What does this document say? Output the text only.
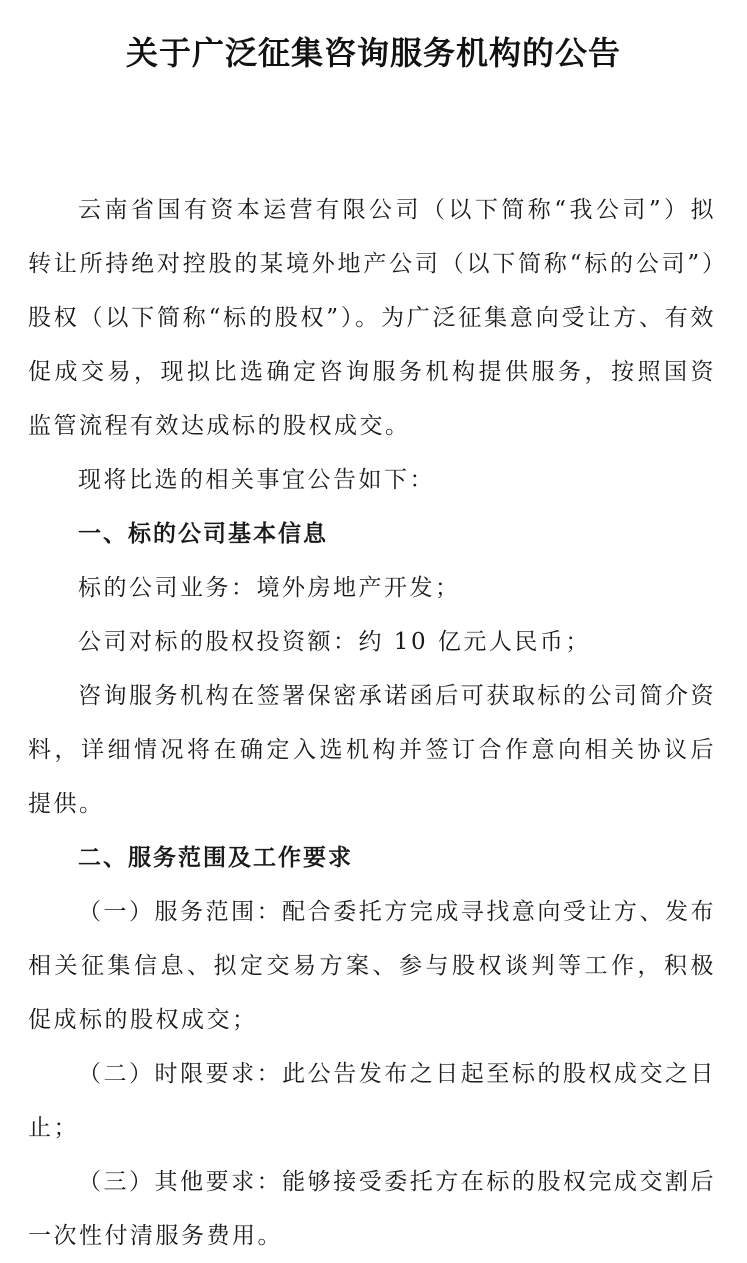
关于广泛征集咨询服务机构的公告

云南省国有资本运营有限公司（以下简称“我公司”）拟转让所持绝对控股的某境外地产公司（以下简称“标的公司”）股权（以下简称“标的股权”）。为广泛征集意向受让方、有效促成交易，现拟比选确定咨询服务机构提供服务，按照国资监管流程有效达成标的股权成交。

现将比选的相关事宜公告如下：

一、标的公司基本信息

标的公司业务：境外房地产开发；

公司对标的股权投资额：约 10 亿元人民币；

咨询服务机构在签署保密承诺函后可获取标的公司简介资料，详细情况将在确定入选机构并签订合作意向相关协议后提供。

二、服务范围及工作要求

（一）服务范围：配合委托方完成寻找意向受让方、发布相关征集信息、拟定交易方案、参与股权谈判等工作，积极促成标的股权成交；

（二）时限要求：此公告发布之日起至标的股权成交之日止；

（三）其他要求：能够接受委托方在标的股权完成交割后一次性付清服务费用。
